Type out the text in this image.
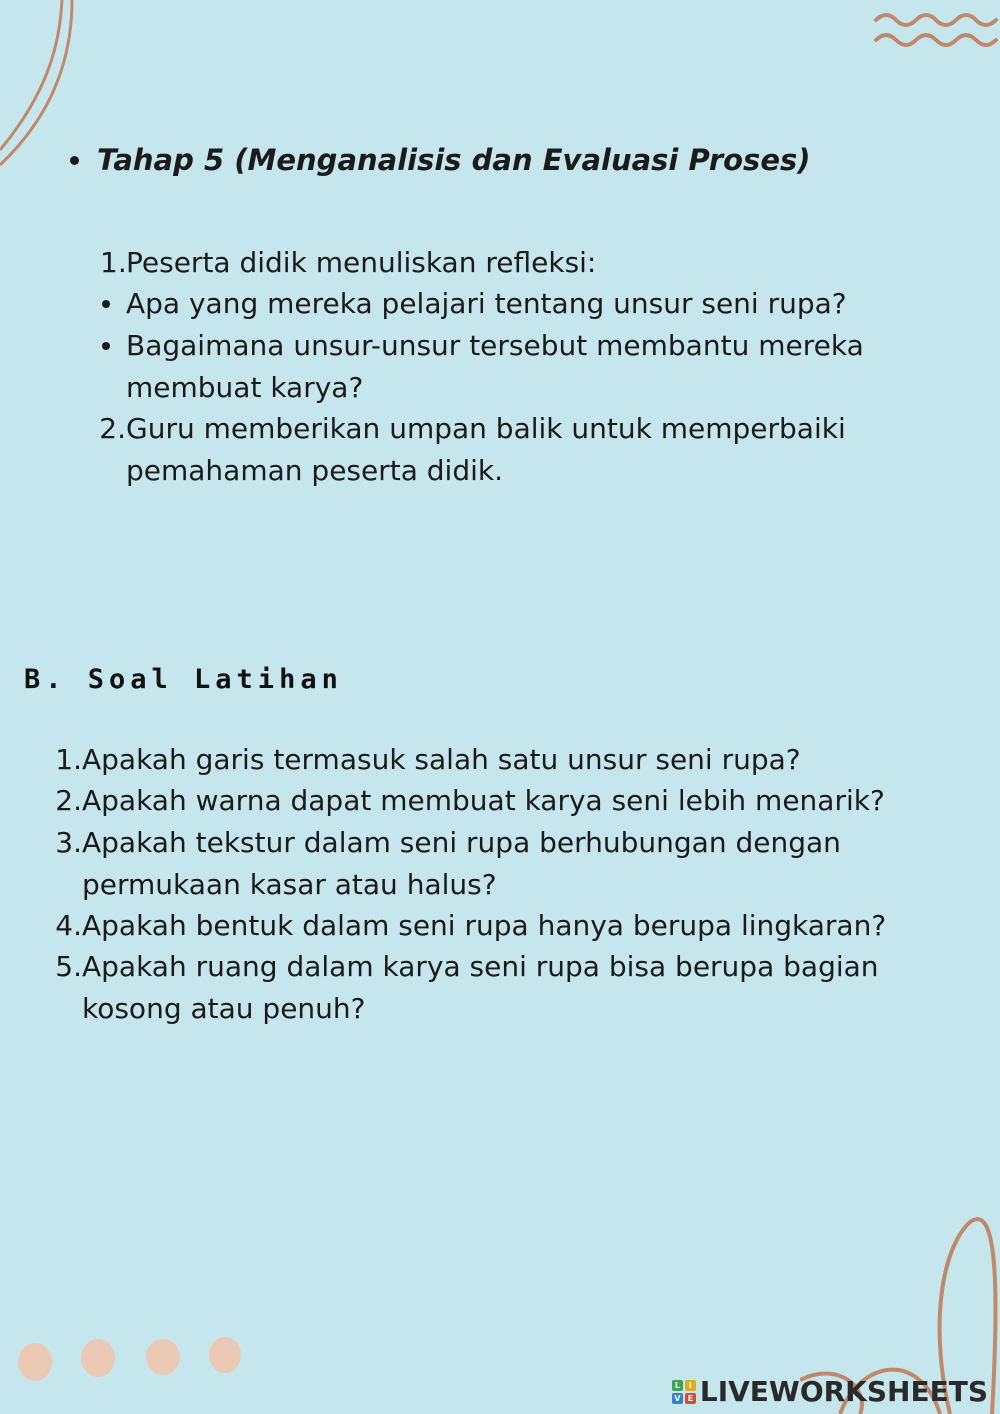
Tahap 5 (Menganalisis dan Evaluasi Proses)
1. Peserta didik menuliskan refleksi:
Apa yang mereka pelajari tentang unsur seni rupa?
Bagaimana unsur-unsur tersebut membantu mereka
membuat karya?
2. Guru memberikan umpan balik untuk memperbaiki
pemahaman peserta didik.
B. Soal Latihan
1. Apakah garis termasuk salah satu unsur seni rupa?
2. Apakah warna dapat membuat karya seni lebih menarik?
3. Apakah tekstur dalam seni rupa berhubungan dengan
permukaan kasar atau halus?
4. Apakah bentuk dalam seni rupa hanya berupa lingkaran?
5. Apakah ruang dalam karya seni rupa bisa berupa bagian
kosong atau penuh?
L	I
V E LIVEWORKSHEETS
